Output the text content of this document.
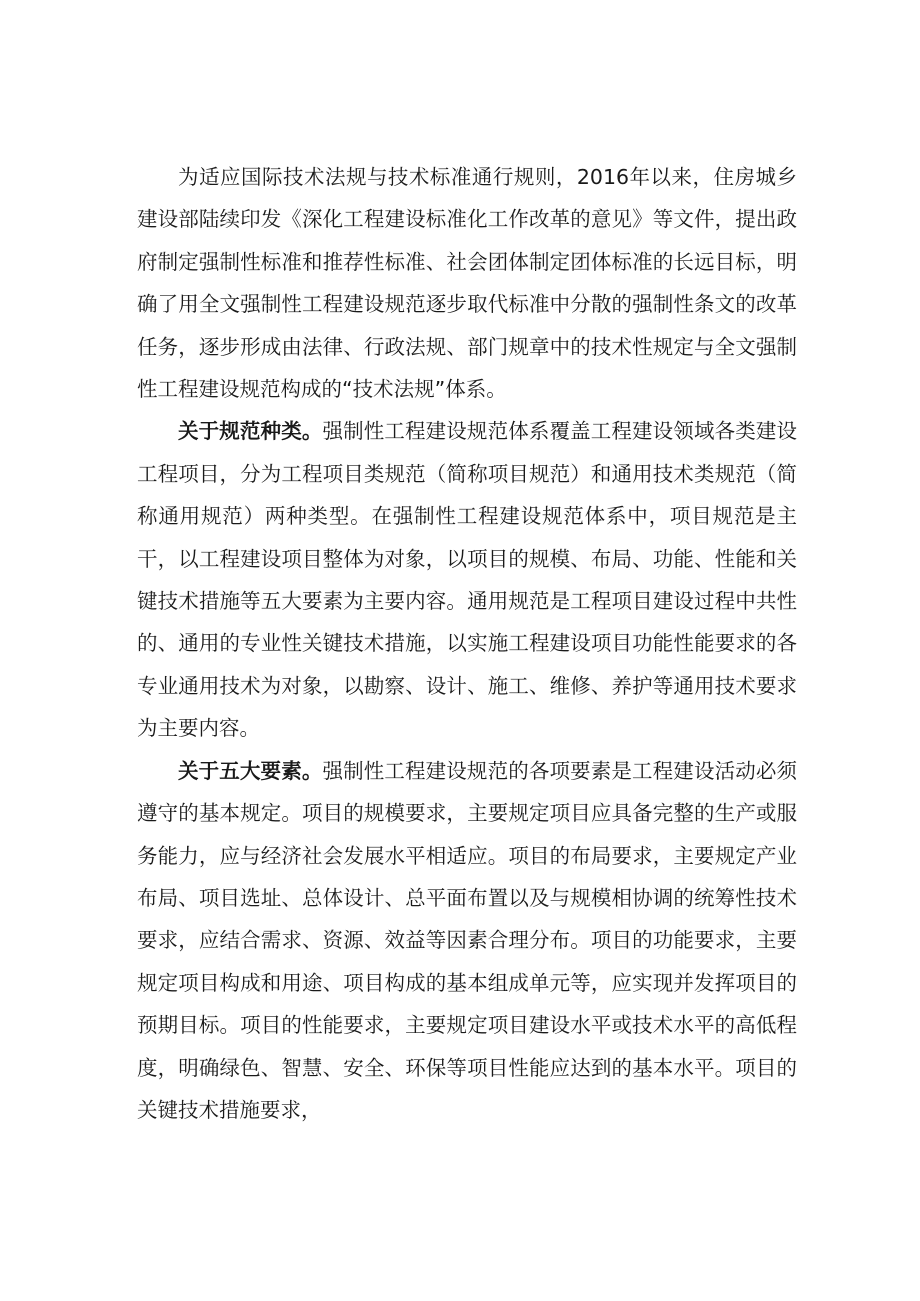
为适应国际技术法规与技术标准通行规则，2016年以来，住房城乡建设部陆续印发《深化工程建设标准化工作改革的意见》等文件，提出政府制定强制性标准和推荐性标准、社会团体制定团体标准的长远目标，明确了用全文强制性工程建设规范逐步取代标准中分散的强制性条文的改革任务，逐步形成由法律、行政法规、部门规章中的技术性规定与全文强制性工程建设规范构成的“技术法规”体系。

关于规范种类。强制性工程建设规范体系覆盖工程建设领域各类建设工程项目，分为工程项目类规范（简称项目规范）和通用技术类规范（简称通用规范）两种类型。在强制性工程建设规范体系中，项目规范是主干，以工程建设项目整体为对象，以项目的规模、布局、功能、性能和关键技术措施等五大要素为主要内容。通用规范是工程项目建设过程中共性的、通用的专业性关键技术措施，以实施工程建设项目功能性能要求的各专业通用技术为对象，以勘察、设计、施工、维修、养护等通用技术要求为主要内容。

关于五大要素。强制性工程建设规范的各项要素是工程建设活动必须遵守的基本规定。项目的规模要求，主要规定项目应具备完整的生产或服务能力，应与经济社会发展水平相适应。项目的布局要求，主要规定产业布局、项目选址、总体设计、总平面布置以及与规模相协调的统筹性技术要求，应结合需求、资源、效益等因素合理分布。项目的功能要求，主要规定项目构成和用途、项目构成的基本组成单元等，应实现并发挥项目的预期目标。项目的性能要求，主要规定项目建设水平或技术水平的高低程度，明确绿色、智慧、安全、环保等项目性能应达到的基本水平。项目的关键技术措施要求，
